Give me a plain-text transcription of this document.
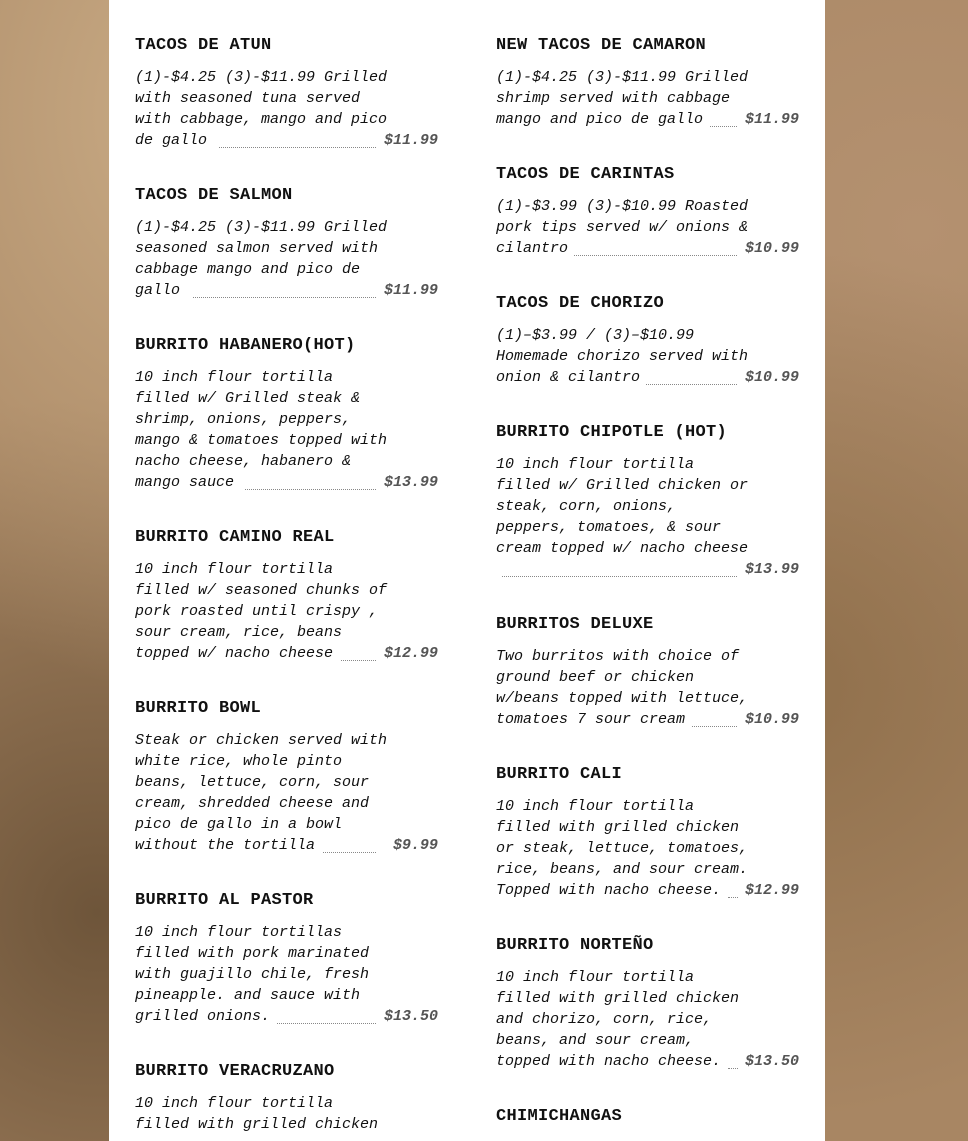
TACOS DE ATUN
(1)-$4.25 (3)-$11.99 Grilled
with seasoned tuna served
with cabbage, mango and pico
de gallo	$11.99
TACOS DE SALMON
(1)-$4.25 (3)-$11.99 Grilled
seasoned salmon served with
cabbage mango and pico de
gallo	$11.99
BURRITO HABANERO(HOT)
10 inch flour tortilla
filled w/ Grilled steak &
shrimp, onions, peppers,
mango & tomatoes topped with
nacho cheese, habanero &
mango sauce	$13.99
BURRITO CAMINO REAL
10 inch flour tortilla
filled w/ seasoned chunks of
pork roasted until crispy ,
sour cream, rice, beans
topped w/ nacho cheese	$12.99
BURRITO BOWL
Steak or chicken served with
white rice, whole pinto
beans, lettuce, corn, sour
cream, shredded cheese and
pico de gallo in a bowl
without the tortilla	$9.99
BURRITO AL PASTOR
10 inch flour tortillas
filled with pork marinated
with guajillo chile, fresh
pineapple. and sauce with
grilled onions.	$13.50
BURRITO VERACRUZANO
10 inch flour tortilla
filled with grilled chicken
NEW TACOS DE CAMARON
(1)-$4.25 (3)-$11.99 Grilled
shrimp served with cabbage
mango and pico de gallo	$11.99
TACOS DE CARINTAS
(1)-$3.99 (3)-$10.99 Roasted
pork tips served w/ onions &
cilantro	$10.99
TACOS DE CHORIZO
(1)–$3.99 / (3)–$10.99
Homemade chorizo served with
onion & cilantro	$10.99
BURRITO CHIPOTLE (HOT)
10 inch flour tortilla
filled w/ Grilled chicken or
steak, corn, onions,
peppers, tomatoes, & sour
cream topped w/ nacho cheese
$13.99
BURRITOS DELUXE
Two burritos with choice of
ground beef or chicken
w/beans topped with lettuce,
tomatoes 7 sour cream	$10.99
BURRITO CALI
10 inch flour tortilla
filled with grilled chicken
or steak, lettuce, tomatoes,
rice, beans, and sour cream.
Topped with nacho cheese.	$12.99
BURRITO NORTEÑO
10 inch flour tortilla
filled with grilled chicken
and chorizo, corn, rice,
beans, and sour cream,
topped with nacho cheese.	$13.50
CHIMICHANGAS
